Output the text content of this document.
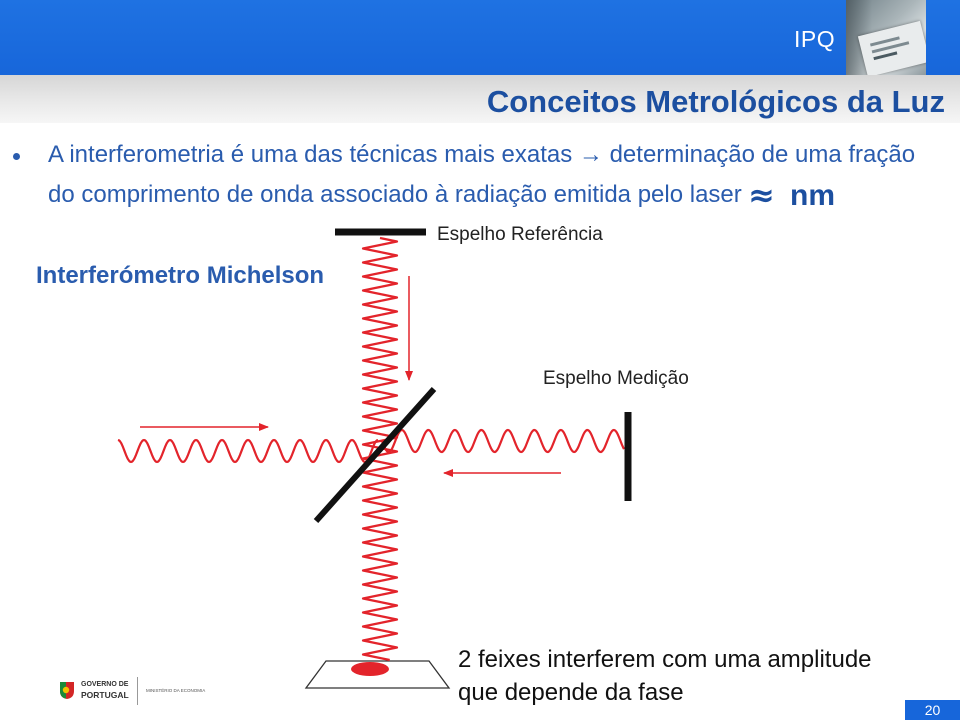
IPQ
Conceitos Metrológicos da Luz
A interferometria é uma das técnicas mais exatas → determinação de uma fração
do comprimento de onda associado à radiação emitida pelo laser ≈ nm
Interferómetro Michelson
Espelho Referência
Espelho Medição
2 feixes interferem com uma amplitude
que depende da fase
GOVERNO DE
PORTUGAL	MINISTÉRIO DA ECONOMIA
20
